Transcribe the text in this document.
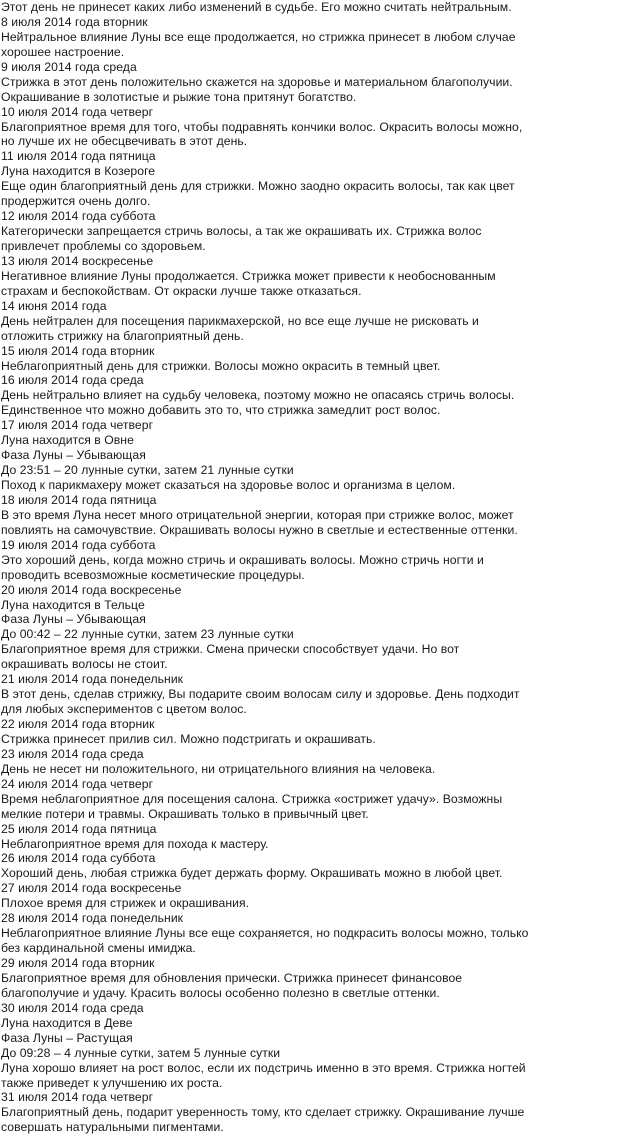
Этот день не принесет каких либо изменений в судьбе. Его можно считать нейтральным.
8 июля 2014 года вторник
Нейтральное влияние Луны все еще продолжается, но стрижка принесет в любом случае
хорошее настроение.
9 июля 2014 года среда
Стрижка в этот день положительно скажется на здоровье и материальном благополучии.
Окрашивание в золотистые и рыжие тона притянут богатство.
10 июля 2014 года четверг
Благоприятное время для того, чтобы подравнять кончики волос. Окрасить волосы можно,
но лучше их не обесцвечивать в этот день.
11 июля 2014 года пятница
Луна находится в Козероге
Еще один благоприятный день для стрижки. Можно заодно окрасить волосы, так как цвет
продержится очень долго.
12 июля 2014 года суббота
Категорически запрещается стричь волосы, а так же окрашивать их. Стрижка волос
привлечет проблемы со здоровьем.
13 июля 2014 воскресенье
Негативное влияние Луны продолжается. Стрижка может привести к необоснованным
страхам и беспокойствам. От окраски лучше также отказаться.
14 июня 2014 года
День нейтрален для посещения парикмахерской, но все еще лучше не рисковать и
отложить стрижку на благоприятный день.
15 июля 2014 года вторник
Неблагоприятный день для стрижки. Волосы можно окрасить в темный цвет.
16 июля 2014 года среда
День нейтрально влияет на судьбу человека, поэтому можно не опасаясь стричь волосы.
Единственное что можно добавить это то, что стрижка замедлит рост волос.
17 июля 2014 года четверг
Луна находится в Овне
Фаза Луны – Убывающая
До 23:51 – 20 лунные сутки, затем 21 лунные сутки
Поход к парикмахеру может сказаться на здоровье волос и организма в целом.
18 июля 2014 года пятница
В это время Луна несет много отрицательной энергии, которая при стрижке волос, может
повлиять на самочувствие. Окрашивать волосы нужно в светлые и естественные оттенки.
19 июля 2014 года суббота
Это хороший день, когда можно стричь и окрашивать волосы. Можно стричь ногти и
проводить всевозможные косметические процедуры.
20 июля 2014 года воскресенье
Луна находится в Тельце
Фаза Луны – Убывающая
До 00:42 – 22 лунные сутки, затем 23 лунные сутки
Благоприятное время для стрижки. Смена прически способствует удачи. Но вот
окрашивать волосы не стоит.
21 июля 2014 года понедельник
В этот день, сделав стрижку, Вы подарите своим волосам силу и здоровье. День подходит
для любых экспериментов с цветом волос.
22 июля 2014 года вторник
Стрижка принесет прилив сил. Можно подстригать и окрашивать.
23 июля 2014 года среда
День не несет ни положительного, ни отрицательного влияния на человека.
24 июля 2014 года четверг
Время неблагоприятное для посещения салона. Стрижка «острижет удачу». Возможны
мелкие потери и травмы. Окрашивать только в привычный цвет.
25 июля 2014 года пятница
Неблагоприятное время для похода к мастеру.
26 июля 2014 года суббота
Хороший день, любая стрижка будет держать форму. Окрашивать можно в любой цвет.
27 июля 2014 года воскресенье
Плохое время для стрижек и окрашивания.
28 июля 2014 года понедельник
Неблагоприятное влияние Луны все еще сохраняется, но подкрасить волосы можно, только
без кардинальной смены имиджа.
29 июля 2014 года вторник
Благоприятное время для обновления прически. Стрижка принесет финансовое
благополучие и удачу. Красить волосы особенно полезно в светлые оттенки.
30 июля 2014 года среда
Луна находится в Деве
Фаза Луны – Растущая
До 09:28 – 4 лунные сутки, затем 5 лунные сутки
Луна хорошо влияет на рост волос, если их подстричь именно в это время. Стрижка ногтей
также приведет к улучшению их роста.
31 июля 2014 года четверг
Благоприятный день, подарит уверенность тому, кто сделает стрижку. Окрашивание лучше
совершать натуральными пигментами.
